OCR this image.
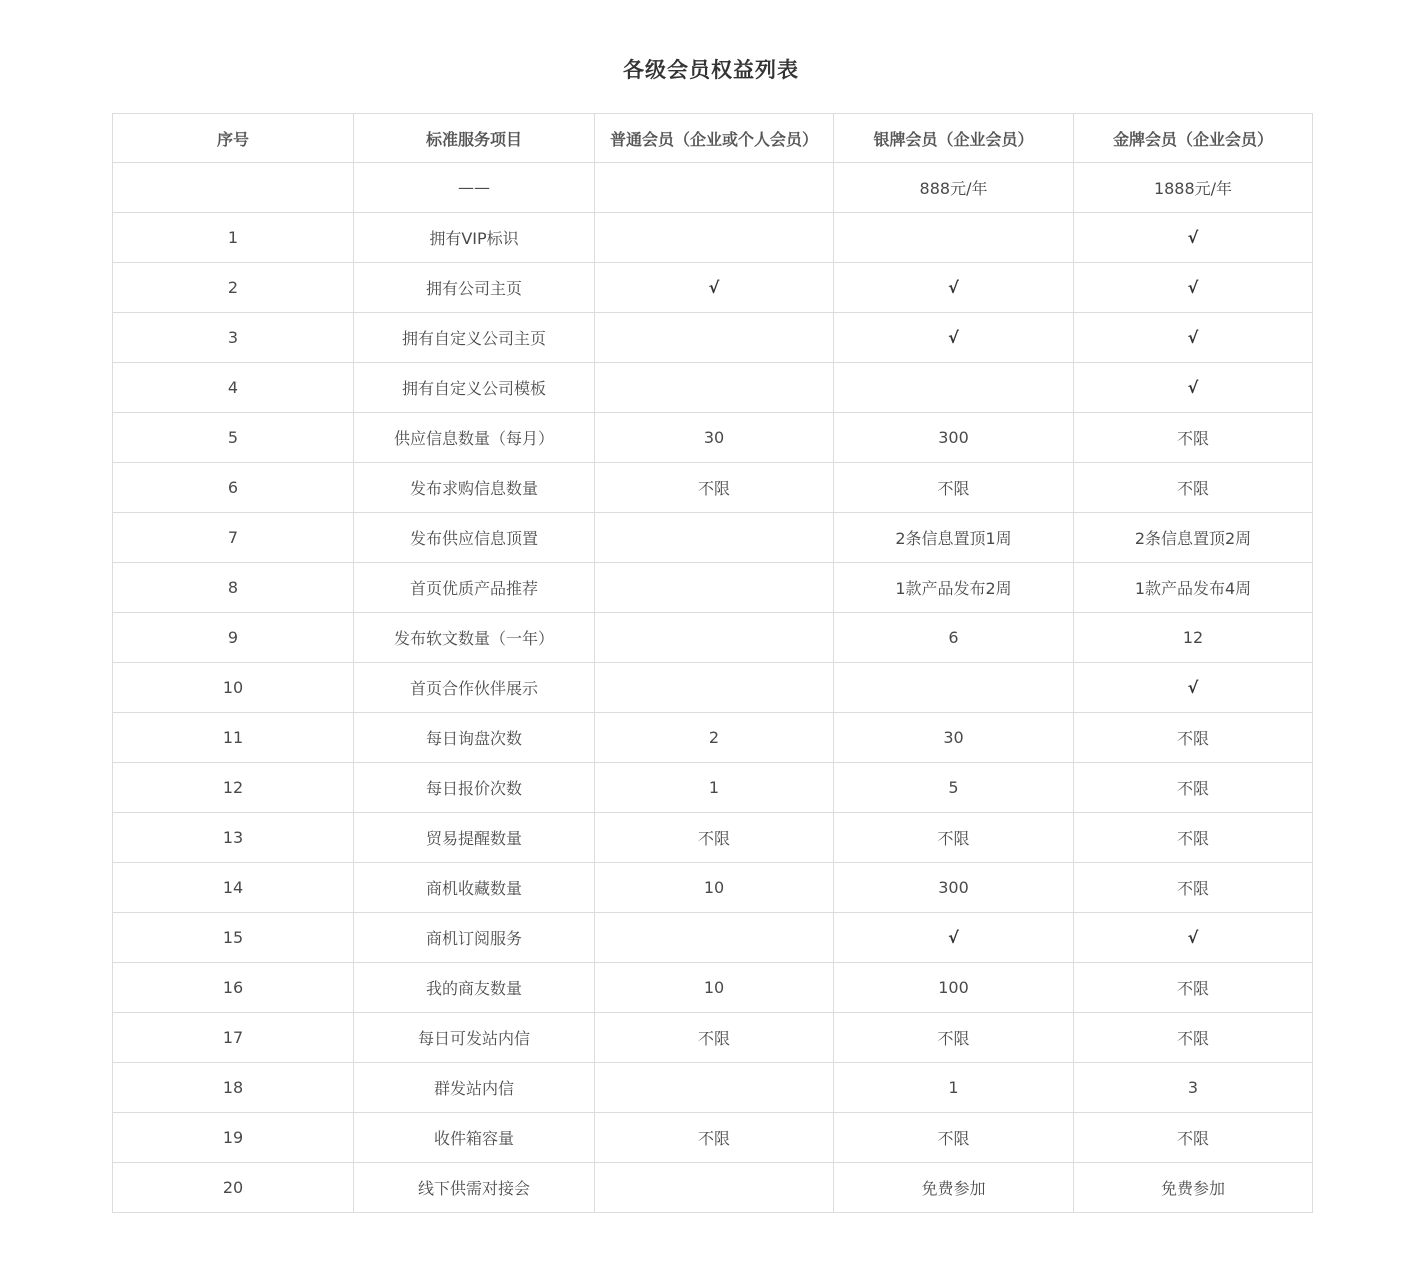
各级会员权益列表
序号	标准服务项目	普通会员（企业或个人会员）	银牌会员（企业会员）	金牌会员（企业会员）
	——		888元/年	1888元/年
1	拥有VIP标识			√
2	拥有公司主页	√	√	√
3	拥有自定义公司主页		√	√
4	拥有自定义公司模板			√
5	供应信息数量（每月）	30	300	不限
6	发布求购信息数量	不限	不限	不限
7	发布供应信息顶置		2条信息置顶1周	2条信息置顶2周
8	首页优质产品推荐		1款产品发布2周	1款产品发布4周
9	发布软文数量（一年）		6	12
10	首页合作伙伴展示			√
11	每日询盘次数	2	30	不限
12	每日报价次数	1	5	不限
13	贸易提醒数量	不限	不限	不限
14	商机收藏数量	10	300	不限
15	商机订阅服务		√	√
16	我的商友数量	10	100	不限
17	每日可发站内信	不限	不限	不限
18	群发站内信		1	3
19	收件箱容量	不限	不限	不限
20	线下供需对接会		免费参加	免费参加
